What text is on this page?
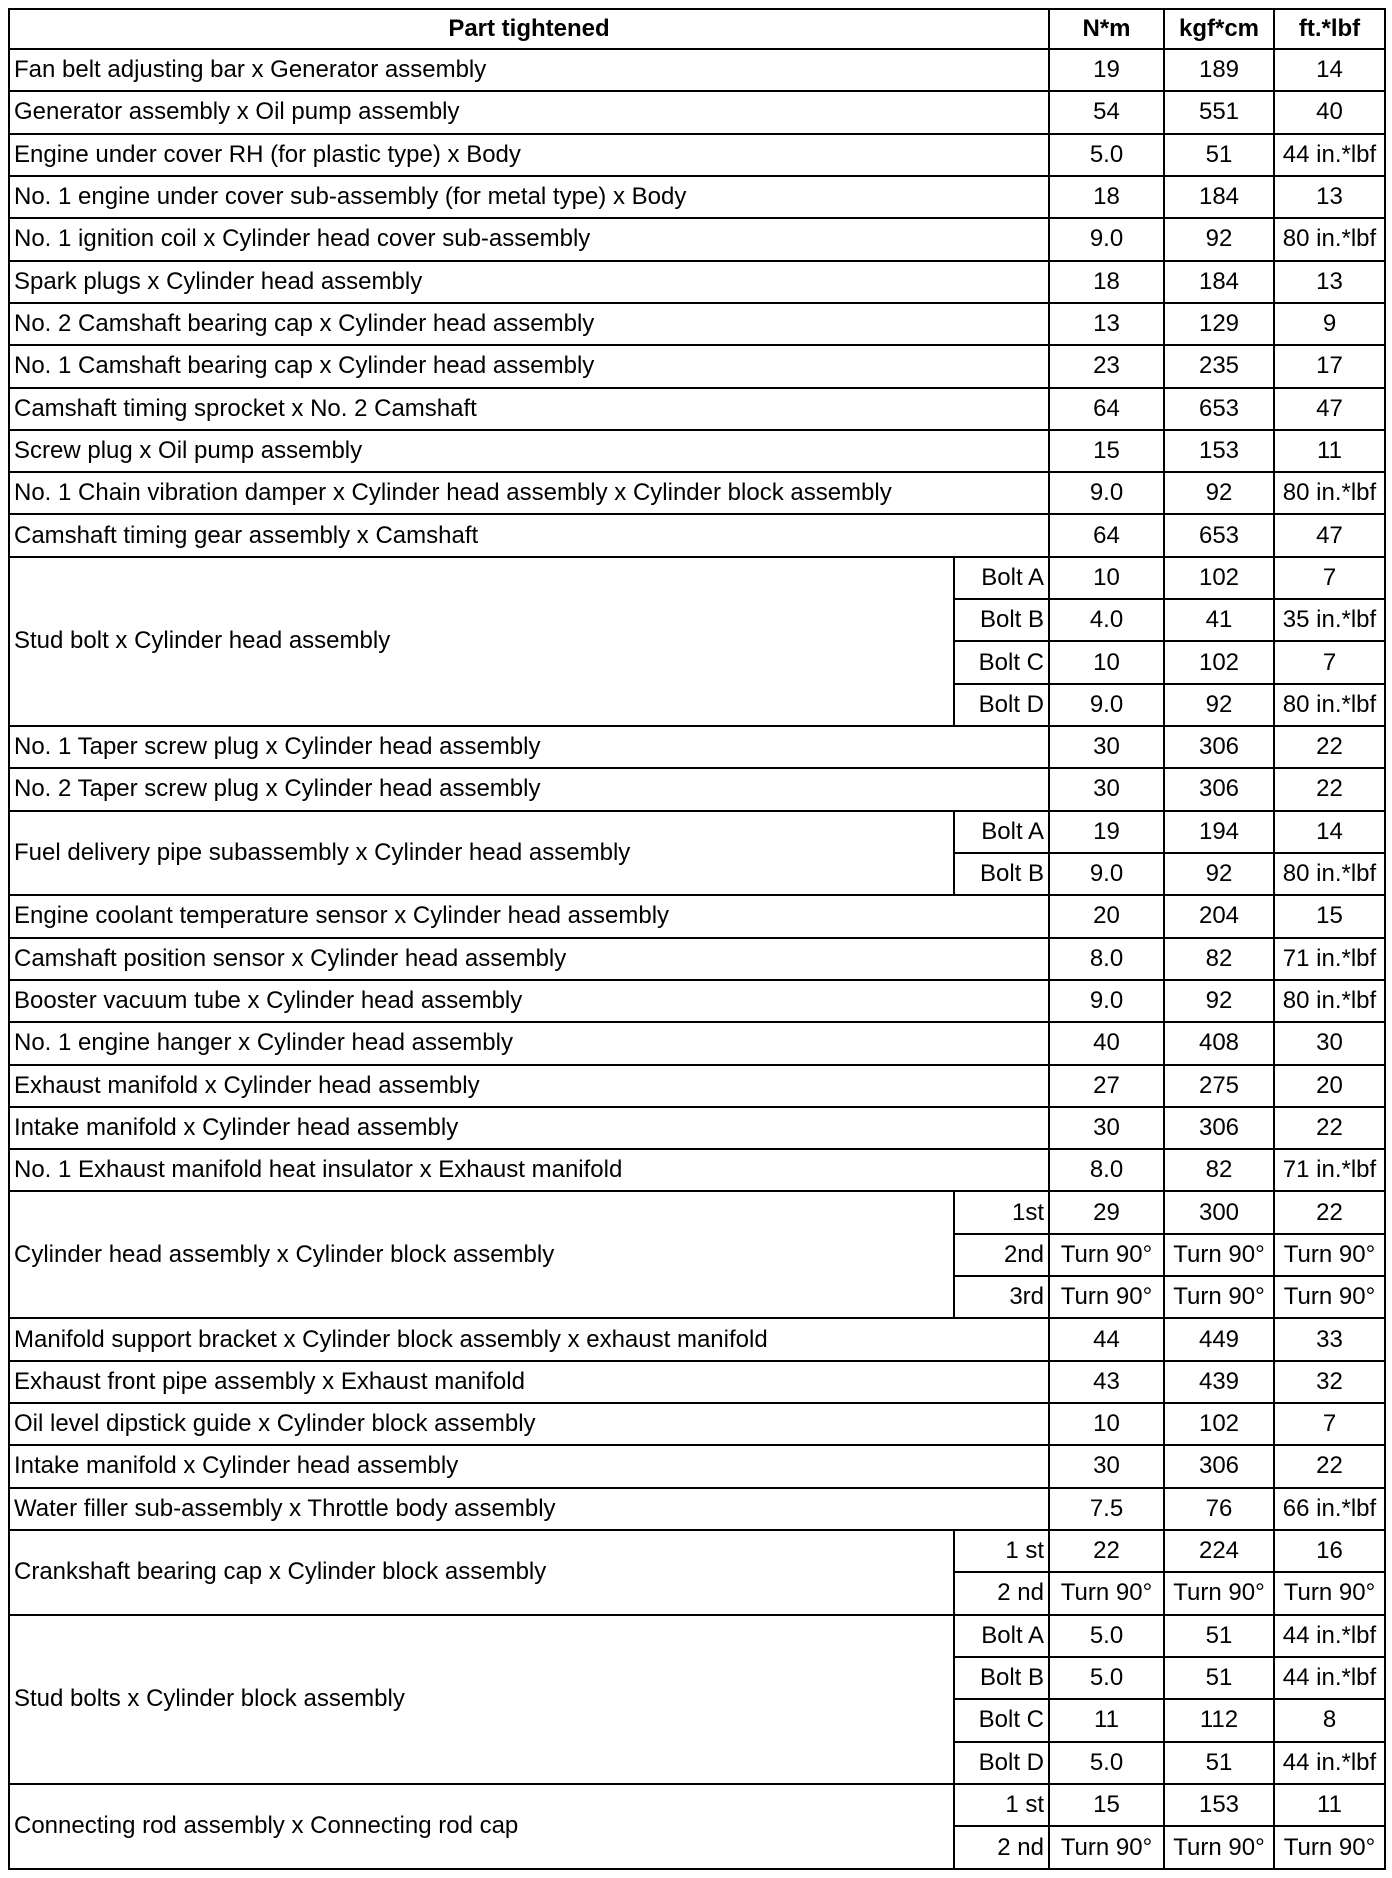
Part tightened		N*m	kgf*cm	ft.*lbf
Fan belt adjusting bar x Generator assembly		19	189	14
Generator assembly x Oil pump assembly		54	551	40
Engine under cover RH (for plastic type) x Body		5.0	51	44 in.*lbf
No. 1 engine under cover sub-assembly (for metal type) x Body		18	184	13
No. 1 ignition coil x Cylinder head cover sub-assembly		9.0	92	80 in.*lbf
Spark plugs x Cylinder head assembly		18	184	13
No. 2 Camshaft bearing cap x Cylinder head assembly		13	129	9
No. 1 Camshaft bearing cap x Cylinder head assembly		23	235	17
Camshaft timing sprocket x No. 2 Camshaft		64	653	47
Screw plug x Oil pump assembly		15	153	11
No. 1 Chain vibration damper x Cylinder head assembly x Cylinder block assembly		9.0	92	80 in.*lbf
Camshaft timing gear assembly x Camshaft		64	653	47
Stud bolt x Cylinder head assembly	Bolt A	10	102	7
	Bolt B	4.0	41	35 in.*lbf
	Bolt C	10	102	7
	Bolt D	9.0	92	80 in.*lbf
No. 1 Taper screw plug x Cylinder head assembly		30	306	22
No. 2 Taper screw plug x Cylinder head assembly		30	306	22
Fuel delivery pipe subassembly x Cylinder head assembly	Bolt A	19	194	14
	Bolt B	9.0	92	80 in.*lbf
Engine coolant temperature sensor x Cylinder head assembly		20	204	15
Camshaft position sensor x Cylinder head assembly		8.0	82	71 in.*lbf
Booster vacuum tube x Cylinder head assembly		9.0	92	80 in.*lbf
No. 1 engine hanger x Cylinder head assembly		40	408	30
Exhaust manifold x Cylinder head assembly		27	275	20
Intake manifold x Cylinder head assembly		30	306	22
No. 1 Exhaust manifold heat insulator x Exhaust manifold		8.0	82	71 in.*lbf
Cylinder head assembly x Cylinder block assembly	1st	29	300	22
	2nd	Turn 90°	Turn 90°	Turn 90°
	3rd	Turn 90°	Turn 90°	Turn 90°
Manifold support bracket x Cylinder block assembly x exhaust manifold		44	449	33
Exhaust front pipe assembly x Exhaust manifold		43	439	32
Oil level dipstick guide x Cylinder block assembly		10	102	7
Intake manifold x Cylinder head assembly		30	306	22
Water filler sub-assembly x Throttle body assembly		7.5	76	66 in.*lbf
Crankshaft bearing cap x Cylinder block assembly	1 st	22	224	16
	2 nd	Turn 90°	Turn 90°	Turn 90°
Stud bolts x Cylinder block assembly	Bolt A	5.0	51	44 in.*lbf
	Bolt B	5.0	51	44 in.*lbf
	Bolt C	11	112	8
	Bolt D	5.0	51	44 in.*lbf
Connecting rod assembly x Connecting rod cap	1 st	15	153	11
	2 nd	Turn 90°	Turn 90°	Turn 90°
